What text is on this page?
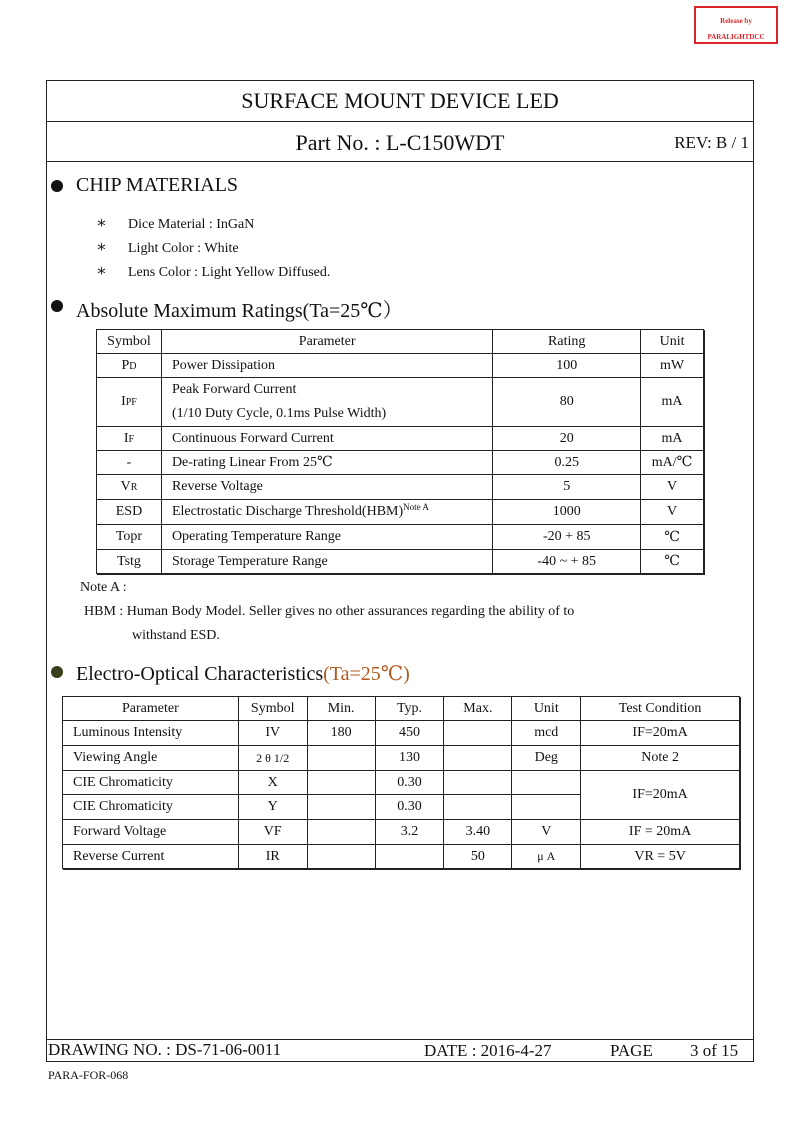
Release by
PARALIGHTDCC
SURFACE MOUNT DEVICE LED
Part No. : L-C150WDT	REV: B / 1
CHIP MATERIALS
∗ Dice Material : InGaN
∗ Light Color : White
∗ Lens Color : Light Yellow Diffused.
Absolute Maximum Ratings(Ta=25℃）
Symbol	Parameter	Rating	Unit
PD	Power Dissipation	100	mW
IPF	Peak Forward Current
(1/10 Duty Cycle, 0.1ms Pulse Width)	80	mA
IF	Continuous Forward Current	20	mA
-	De-rating Linear From 25℃	0.25	mA/℃
VR	Reverse Voltage	5	V
ESD	Electrostatic Discharge Threshold(HBM)$^{Note A}$	1000	V
Topr	Operating Temperature Range	-20 + 85	℃
Tstg	Storage Temperature Range	-40 ~ + 85	℃
Note A :
HBM : Human Body Model. Seller gives no other assurances regarding the ability of to
withstand ESD.
Electro-Optical Characteristics(Ta=25℃)
Parameter	Symbol	Min.	Typ.	Max.	Unit	Test Condition
Luminous Intensity	IV	180	450		mcd	IF=20mA
Viewing Angle	2 θ 1/2		130		Deg	Note 2
CIE Chromaticity	X		0.30			IF=20mA
CIE Chromaticity	Y		0.30			
Forward Voltage	VF		3.2	3.40	V	IF = 20mA
Reverse Current	IR			50	μ A	VR = 5V
DRAWING NO. : DS-71-06-0011	DATE : 2016-4-27	PAGE 3 of 15
PARA-FOR-068
